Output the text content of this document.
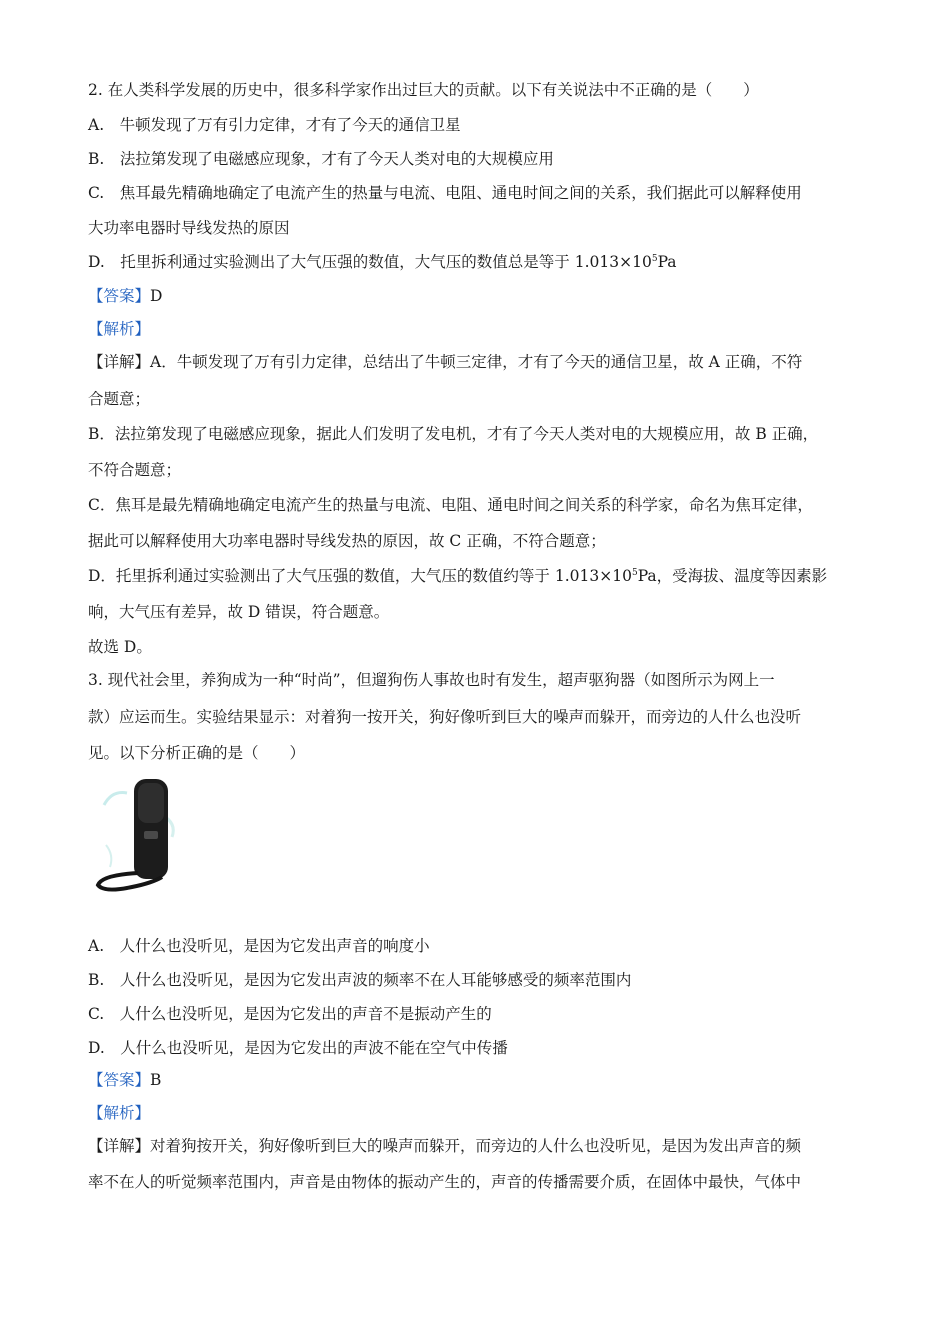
2. 在人类科学发展的历史中，很多科学家作出过巨大的贡献。以下有关说法中不正确的是（　　）
A.　牛顿发现了万有引力定律，才有了今天的通信卫星
B.　法拉第发现了电磁感应现象，才有了今天人类对电的大规模应用
C.　焦耳最先精确地确定了电流产生的热量与电流、电阻、通电时间之间的关系，我们据此可以解释使用
大功率电器时导线发热的原因
D.　托里拆利通过实验测出了大气压强的数值，大气压的数值总是等于 $1.013\times 10^5Pa$
【答案】D
【解析】
【详解】A．牛顿发现了万有引力定律，总结出了牛顿三定律，才有了今天的通信卫星，故 A 正确，不符
合题意；
B．法拉第发现了电磁感应现象，据此人们发明了发电机，才有了今天人类对电的大规模应用，故 B 正确，
不符合题意；
C．焦耳是最先精确地确定电流产生的热量与电流、电阻、通电时间之间关系的科学家，命名为焦耳定律，
据此可以解释使用大功率电器时导线发热的原因，故 C 正确，不符合题意；
D．托里拆利通过实验测出了大气压强的数值，大气压的数值约等于 $1.013\times 10^5Pa$，受海拔、温度等因素影
响，大气压有差异，故 D 错误，符合题意。
故选 D。
3. 现代社会里，养狗成为一种“时尚”，但遛狗伤人事故也时有发生，超声驱狗器（如图所示为网上一
款）应运而生。实验结果显示：对着狗一按开关，狗好像听到巨大的噪声而躲开，而旁边的人什么也没听
见。以下分析正确的是（　　）
A.　人什么也没听见，是因为它发出声音的响度小
B.　人什么也没听见，是因为它发出声波的频率不在人耳能够感受的频率范围内
C.　人什么也没听见，是因为它发出的声音不是振动产生的
D.　人什么也没听见，是因为它发出的声波不能在空气中传播
【答案】B
【解析】
【详解】对着狗按开关，狗好像听到巨大的噪声而躲开，而旁边的人什么也没听见，是因为发出声音的频
率不在人的听觉频率范围内，声音是由物体的振动产生的，声音的传播需要介质，在固体中最快，气体中
